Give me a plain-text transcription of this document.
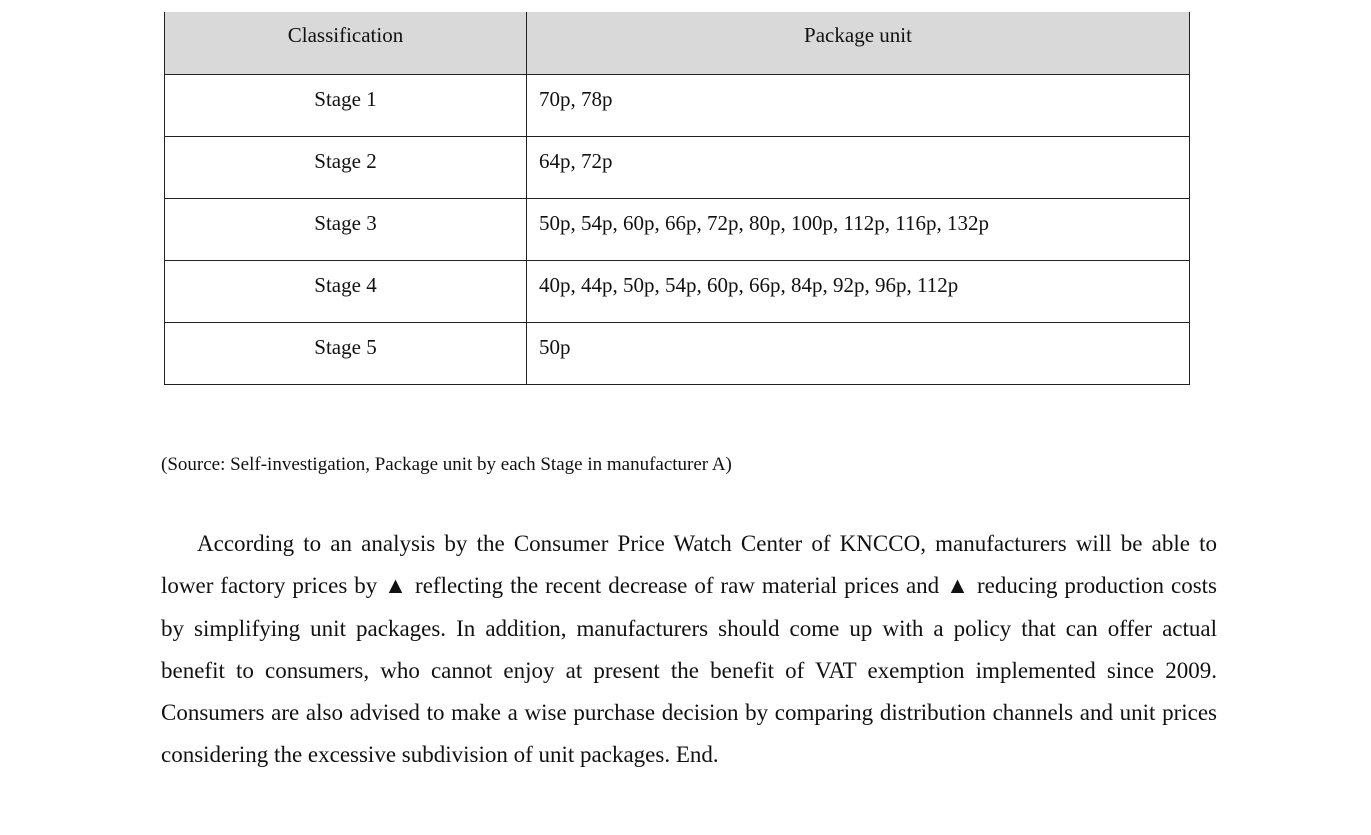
Classification	Package unit

Stage 1	70p, 78p

Stage 2	64p, 72p

Stage 3	50p, 54p, 60p, 66p, 72p, 80p, 100p, 112p, 116p, 132p

Stage 4	40p, 44p, 50p, 54p, 60p, 66p, 84p, 92p, 96p, 112p

Stage 5	50p

(Source: Self-investigation, Package unit by each Stage in manufacturer A)

According to an analysis by the Consumer Price Watch Center of KNCCO, manufacturers will be able to lower factory prices by ▲ reflecting the recent decrease of raw material prices and ▲ reducing production costs by simplifying unit packages. In addition, manufacturers should come up with a policy that can offer actual benefit to consumers, who cannot enjoy at present the benefit of VAT exemption implemented since 2009. Consumers are also advised to make a wise purchase decision by comparing distribution channels and unit prices considering the excessive subdivision of unit packages. End.
